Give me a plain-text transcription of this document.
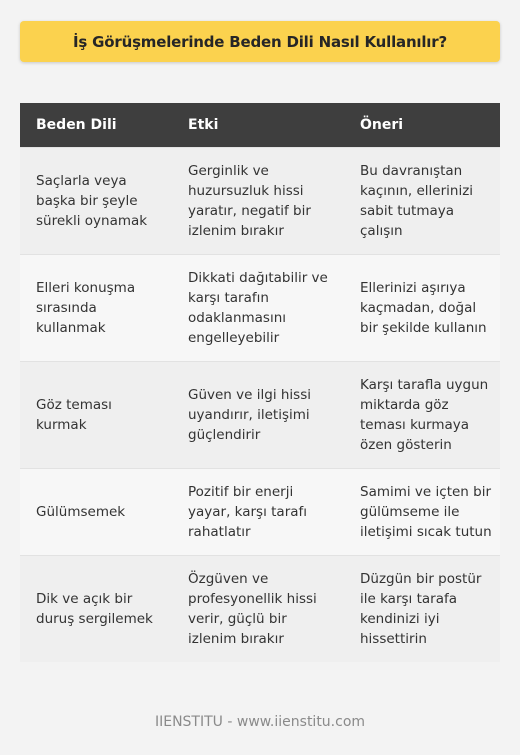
İş Görüşmelerinde Beden Dili Nasıl Kullanılır?
Beden Dili	Etki	Öneri
Saçlarla veya başka bir şeyle sürekli oynamak	Gerginlik ve huzursuzluk hissi yaratır, negatif bir izlenim bırakır	Bu davranıştan kaçının, ellerinizi sabit tutmaya çalışın
Elleri konuşma sırasında kullanmak	Dikkati dağıtabilir ve karşı tarafın odaklanmasını engelleyebilir	Ellerinizi aşırıya kaçmadan, doğal bir şekilde kullanın
Göz teması kurmak	Güven ve ilgi hissi uyandırır, iletişimi güçlendirir	Karşı tarafla uygun miktarda göz teması kurmaya özen gösterin
Gülümsemek	Pozitif bir enerji yayar, karşı tarafı rahatlatır	Samimi ve içten bir gülümseme ile iletişimi sıcak tutun
Dik ve açık bir duruş sergilemek	Özgüven ve profesyonellik hissi verir, güçlü bir izlenim bırakır	Düzgün bir postür ile karşı tarafa kendinizi iyi hissettirin
IIENSTITU - www.iienstitu.com
